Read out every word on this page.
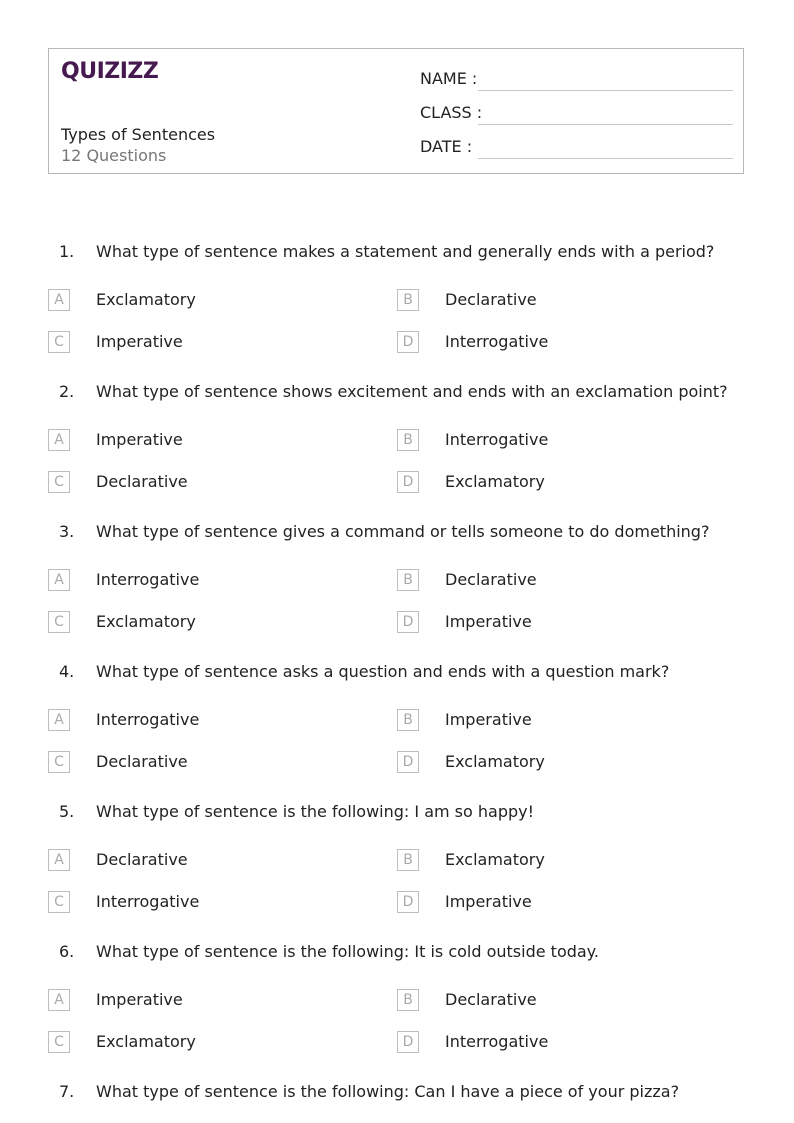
QUIZIZZ
Types of Sentences
12 Questions
NAME :
CLASS :
DATE :
1. What type of sentence makes a statement and generally ends with a period?
A	Exclamatory	B	Declarative
C	Imperative	D	Interrogative
2. What type of sentence shows excitement and ends with an exclamation point?
A	Imperative	B	Interrogative
C	Declarative	D	Exclamatory
3. What type of sentence gives a command or tells someone to do domething?
A	Interrogative	B	Declarative
C	Exclamatory	D	Imperative
4. What type of sentence asks a question and ends with a question mark?
A	Interrogative	B	Imperative
C	Declarative	D	Exclamatory
5. What type of sentence is the following: I am so happy!
A	Declarative	B	Exclamatory
C	Interrogative	D	Imperative
6. What type of sentence is the following: It is cold outside today.
A	Imperative	B	Declarative
C	Exclamatory	D	Interrogative
7. What type of sentence is the following: Can I have a piece of your pizza?
